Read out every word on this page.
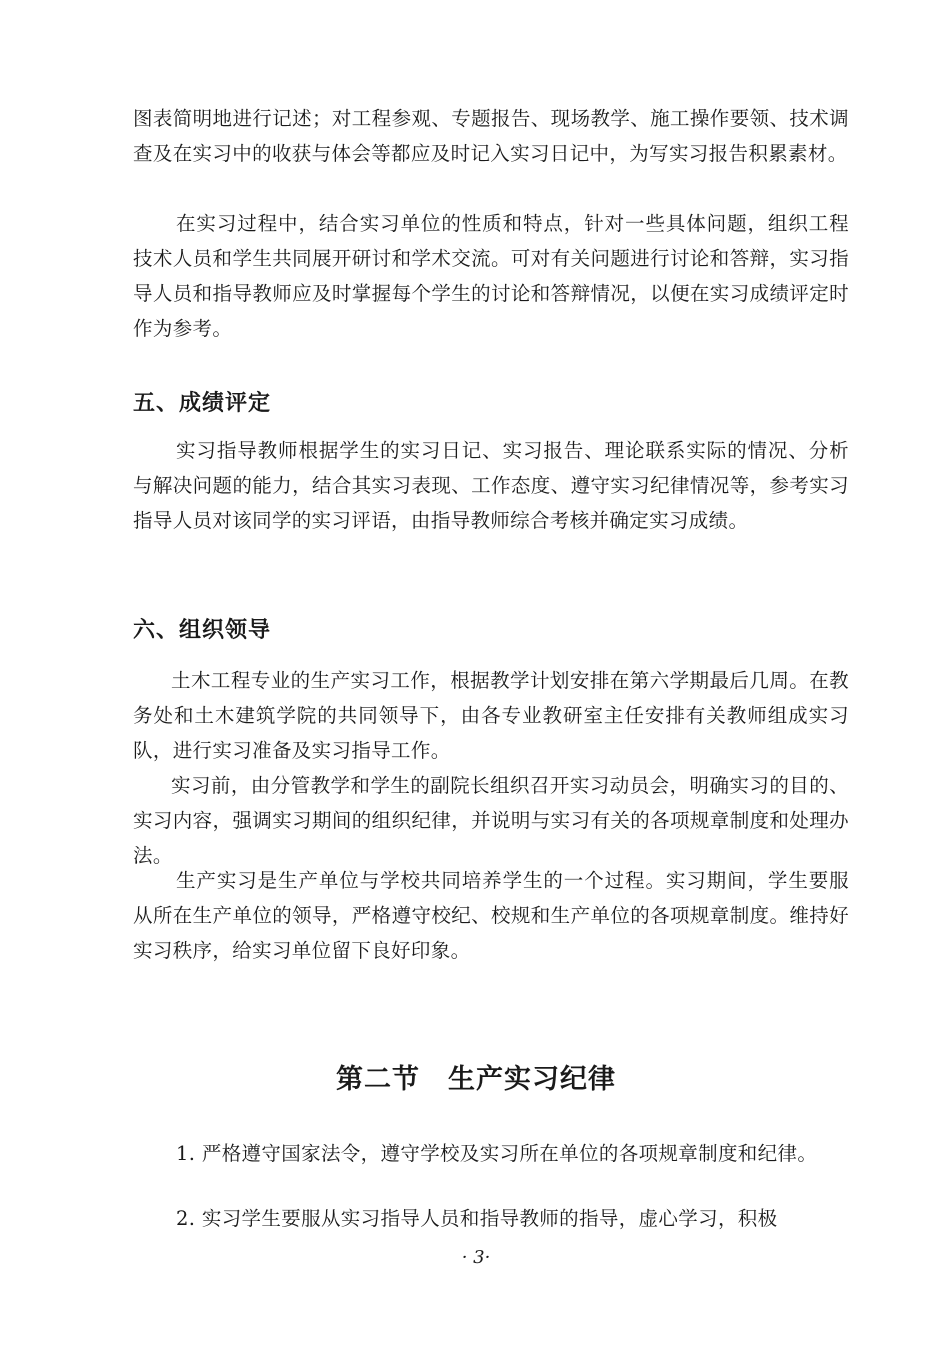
图表简明地进行记述；对工程参观、专题报告、现场教学、施工操作要领、技术调查及在实习中的收获与体会等都应及时记入实习日记中，为写实习报告积累素材。

在实习过程中，结合实习单位的性质和特点，针对一些具体问题，组织工程技术人员和学生共同展开研讨和学术交流。可对有关问题进行讨论和答辩，实习指导人员和指导教师应及时掌握每个学生的讨论和答辩情况，以便在实习成绩评定时作为参考。

五、成绩评定

实习指导教师根据学生的实习日记、实习报告、理论联系实际的情况、分析与解决问题的能力，结合其实习表现、工作态度、遵守实习纪律情况等，参考实习指导人员对该同学的实习评语，由指导教师综合考核并确定实习成绩。

六、组织领导

土木工程专业的生产实习工作，根据教学计划安排在第六学期最后几周。在教务处和土木建筑学院的共同领导下，由各专业教研室主任安排有关教师组成实习队，进行实习准备及实习指导工作。

实习前，由分管教学和学生的副院长组织召开实习动员会，明确实习的目的、实习内容，强调实习期间的组织纪律，并说明与实习有关的各项规章制度和处理办法。

生产实习是生产单位与学校共同培养学生的一个过程。实习期间，学生要服从所在生产单位的领导，严格遵守校纪、校规和生产单位的各项规章制度。维持好实习秩序，给实习单位留下良好印象。

第二节　生产实习纪律

1. 严格遵守国家法令，遵守学校及实习所在单位的各项规章制度和纪律。

2. 实习学生要服从实习指导人员和指导教师的指导，虚心学习，积极

· 3·
